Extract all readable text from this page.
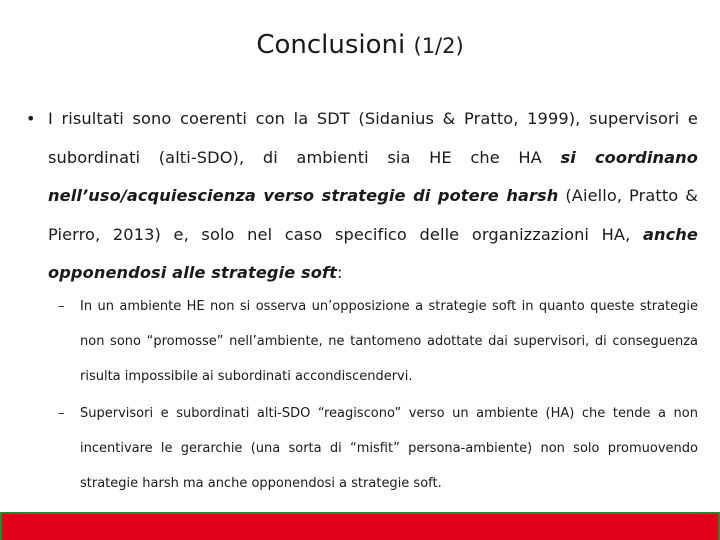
Conclusioni (1/2)
• I risultati sono coerenti con la SDT (Sidanius & Pratto, 1999), supervisori e subordinati (alti-SDO), di ambienti sia HE che HA si coordinano nell’uso/acquiescienza verso strategie di potere harsh (Aiello, Pratto & Pierro, 2013) e, solo nel caso specifico delle organizzazioni HA, anche opponendosi alle strategie soft:
–	In un ambiente HE non si osserva un’opposizione a strategie soft in quanto queste strategie non sono “promosse” nell’ambiente, ne tantomeno adottate dai supervisori, di conseguenza risulta impossibile ai subordinati accondiscendervi.
–	Supervisori e subordinati alti-SDO “reagiscono” verso un ambiente (HA) che tende a non incentivare le gerarchie (una sorta di “misfit” persona-ambiente) non solo promuovendo strategie harsh ma anche opponendosi a strategie soft.
